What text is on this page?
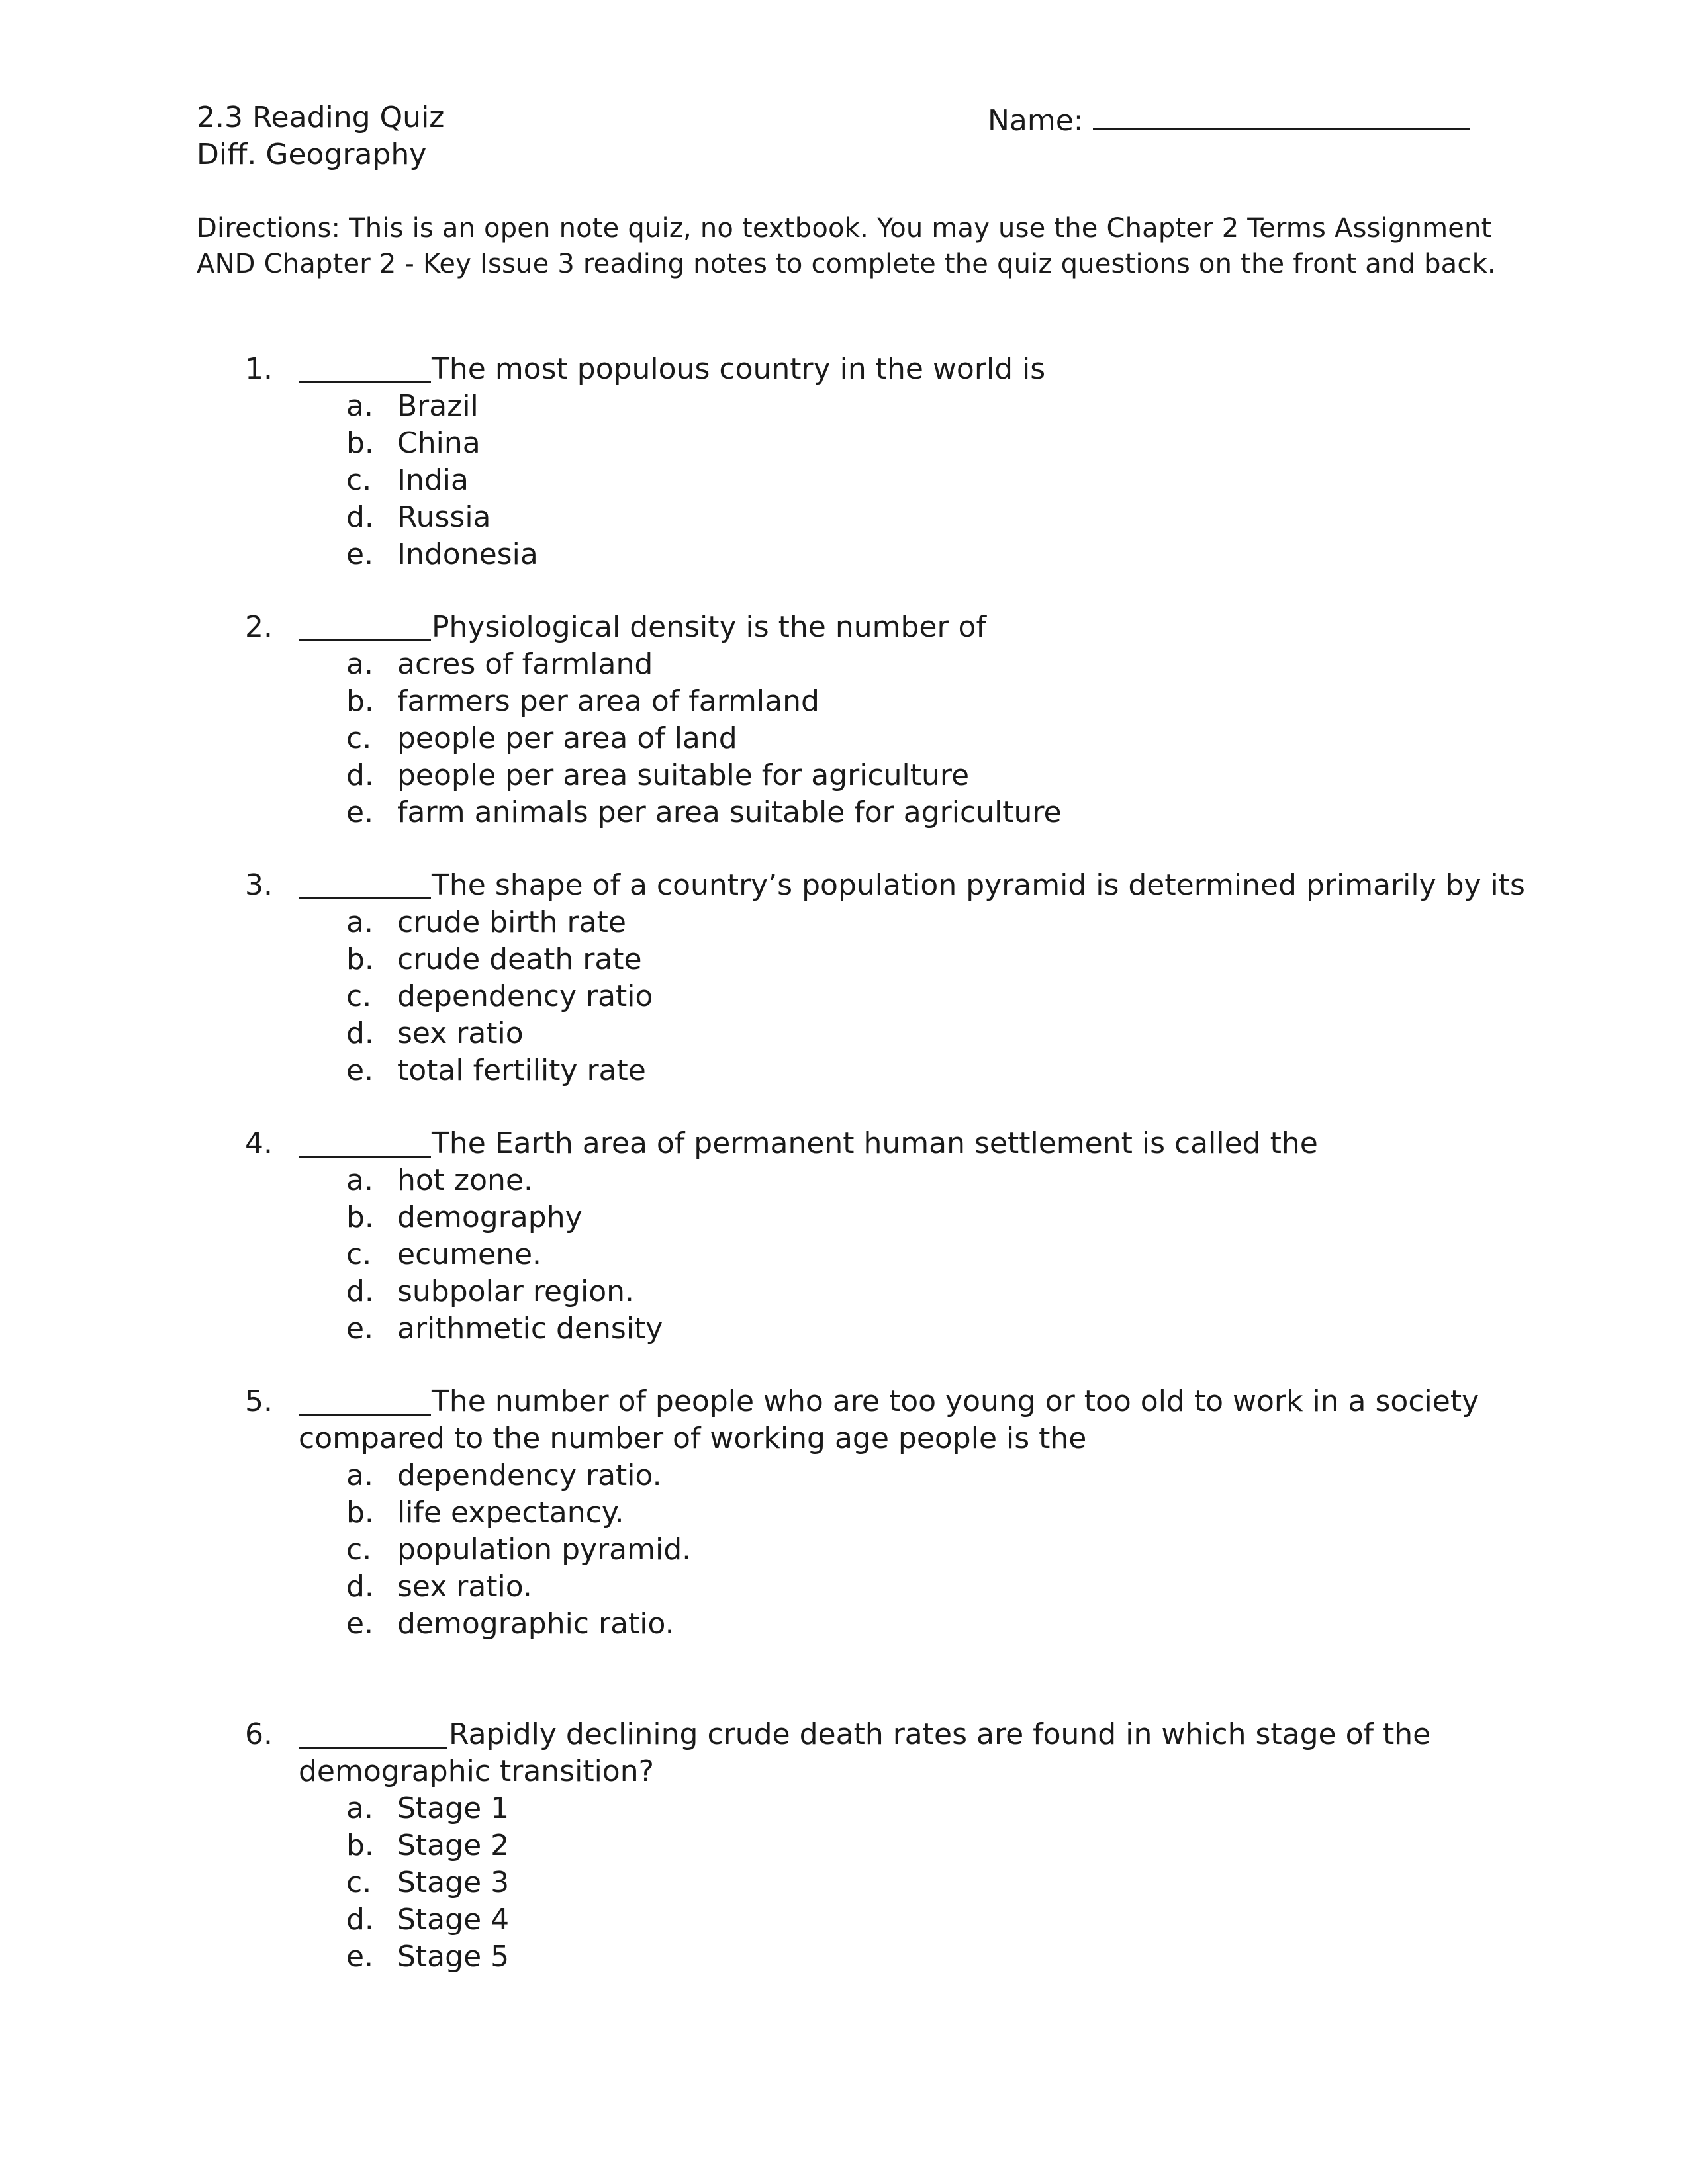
2.3 Reading Quiz
Diff. Geography
Name:
Directions: This is an open note quiz, no textbook. You may use the Chapter 2 Terms Assignment
AND Chapter 2 - Key Issue 3 reading notes to complete the quiz questions on the front and back.
1.	The most populous country in the world is
a. Brazil
b. China
c. India
d. Russia
e. Indonesia
2.	Physiological density is the number of
a. acres of farmland
b. farmers per area of farmland
c. people per area of land
d. people per area suitable for agriculture
e. farm animals per area suitable for agriculture
3.	The shape of a country’s population pyramid is determined primarily by its
a. crude birth rate
b. crude death rate
c. dependency ratio
d. sex ratio
e. total fertility rate
4.	The Earth area of permanent human settlement is called the
a. hot zone.
b. demography
c. ecumene.
d. subpolar region.
e. arithmetic density
5.	The number of people who are too young or too old to work in a society
compared to the number of working age people is the
a. dependency ratio.
b. life expectancy.
c. population pyramid.
d. sex ratio.
e. demographic ratio.
6.	Rapidly declining crude death rates are found in which stage of the
demographic transition?
a. Stage 1
b. Stage 2
c. Stage 3
d. Stage 4
e. Stage 5
